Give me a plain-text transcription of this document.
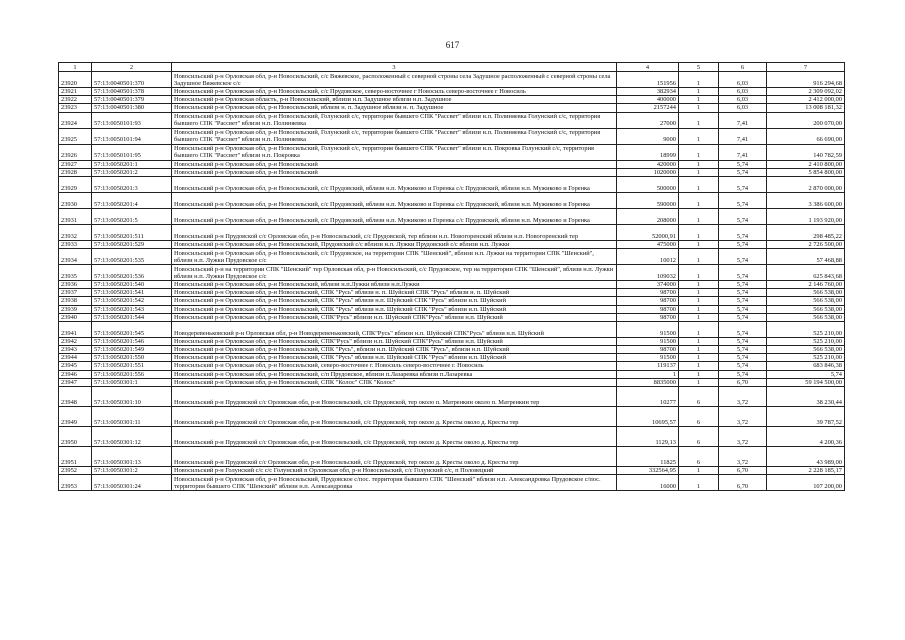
617
1	2	3	4	5	6	7
23920	57:13:0040501:370	Новосильский р-н Орловская обл, р-н Новосильский, с/с Вяжевское, расположенный с северной строны села Задушное расположенный с северной строны села Задушное Вяжевское с/с	151956	1	6,03	916 294,68
23921	57:13:0040501:378	Новосильский р-н Орловская обл, р-н Новосильский, с/с Прудовское, северо-восточнее г Новосиль северо-восточнее г Новосиль	382934	1	6,03	2 309 092,02
23922	57:13:0040501:379	Новосильский р-н Орловская область, р-н Новосильский, вблизи н.п. Задушное вблизи н.п. Задушное	400000	1	6,03	2 412 000,00
23923	57:13:0040501:380	Новосильский р-н Орловская обл, р-н Новосильский, вблизи н. п. Задушное вблизи н. п. Задушное	2157244	1	6,03	13 008 181,32
23924	57:13:0050101:93	Новосильский р-н Орловская обл, р-н Новосильский, Голунский с/с, территория бывшего СПК "Рассвет" вблизи н.п. Полиняевка Голунский с/с, территория бывшего СПК "Рассвет" вблизи н.п. Полиняевка	27000	1	7,41	200 070,00
23925	57:13:0050101:94	Новосильский р-н Орловская обл, р-н Новосильский, Голунский с/с, территория бывшего СПК "Рассвет" вблизи н.п. Полиняевка Голунский с/с, территория бывшего СПК "Рассвет" вблизи н.п. Полиняевка	9000	1	7,41	66 690,00
23926	57:13:0050101:95	Новосильский р-н Орловская обл, р-н Новосильский, Голунский с/с, территория бывшего СПК "Рассвет" вблизи н.п. Покровка Голунский с/с, территория бывшего СПК "Рассвет" вблизи н.п. Покровка	18999	1	7,41	140 782,59
23927	57:13:0050201:1	Новосильский р-н Орловская обл, р-н Новосильский	420000	1	5,74	2 410 800,00
23928	57:13:0050201:2	Новосильский р-н Орловская обл, р-н Новосильский	1020000	1	5,74	5 854 800,00
23929	57:13:0050201:3	Новосильский р-н Орловская обл, р-н Новосильский, с/с Прудовский, вблизи н.п. Мужиково и Горенка с/с Прудовский, вблизи н.п. Мужиково и Горенка	500000	1	5,74	2 870 000,00
23930	57:13:0050201:4	Новосильский р-н Орловская обл, р-н Новосильский, с/с Прудовский, вблизи н.п. Мужиково и Горенка с/с Прудовский, вблизи н.п. Мужиково и Горенка	590000	1	5,74	3 386 600,00
23931	57:13:0050201:5	Новосильский р-н Орловская обл, р-н Новосильский, с/с Прудовский, вблизи н.п. Мужиково и Горенка с/с Прудовский, вблизи н.п. Мужиково и Горенка	208000	1	5,74	1 193 920,00
23932	57:13:0050201:511	Новосильский р-н Прудовской с/с Орловская обл, р-н Новосильский, с/с Прудовской, тер вблизи н.п. Новогоренский вблизи н.п. Новогоренский тер	52000,91	1	5,74	298 485,22
23933	57:13:0050201:529	Новосильский р-н Орловская обл, р-н Новосильский, Прудовский с/с вблизи н.п. Лужки Прудовский с/с вблизи н.п. Лужки	475000	1	5,74	2 726 500,00
23934	57:13:0050201:535	Новосильский р-н Орловская обл, р-н Новосильский, с/с Прудовское, на территории СПК "Шенский", вблизи н.п. Лужки на территории СПК "Шенский", вблизи н.п. Лужки Прудовское с/с	10012	1	5,74	57 468,88
23935	57:13:0050201:536	Новосильский р-н на территории СПК "Шенский" тер Орловская обл, р-н Новосильский, с/с Прудовское, тер на территории СПК "Шенский", вблизи н.п. Лужки вблизи н.п. Лужки Прудовское с/с	109032	1	5,74	625 843,68
23936	57:13:0050201:540	Новосильский р-н Орловская обл, р-н Новосильский, вблизи н.п.Лужки вблизи н.п.Лужки	374000	1	5,74	2 146 760,00
23937	57:13:0050201:541	Новосильский р-н Орловская обл, р-н Новосильский, СПК "Русь" вблизи н. п. Шуйский СПК "Русь" вблизи н. п. Шуйский	98700	1	5,74	566 538,00
23938	57:13:0050201:542	Новосильский р-н Орловская обл, р-н Новосильский, СПК "Русь" вблизи н.п. Шуйский СПК "Русь" вблизи н.п. Шуйский	98700	1	5,74	566 538,00
23939	57:13:0050201:543	Новосильский р-н Орловская обл, р-н Новосильский, СПК "Русь" вблизи н.п. Шуйский СПК "Русь" вблизи н.п. Шуйский	98700	1	5,74	566 538,00
23940	57:13:0050201:544	Новосильский р-н Орловская обл, р-н Новосильский, СПК"Русь" вблизи н.п. Шуйский СПК"Русь" вблизи н.п. Шуйский	98700	1	5,74	566 538,00
23941	57:13:0050201:545	Новодеревеньковский р-н Орловская обл, р-н Новодеревеньковский, СПК"Русь" вблизи н.п. Шуйский СПК"Русь" вблизи н.п. Шуйский	91500	1	5,74	525 210,00
23942	57:13:0050201:546	Новосильский р-н Орловская обл, р-н Новосильский, СПК"Русь" вблизи н.п. Шуйский СПК"Русь" вблизи н.п. Шуйский	91500	1	5,74	525 210,00
23943	57:13:0050201:549	Новосильский р-н Орловская обл, р-н Новосильский, СПК "Русь", вблизи н.п. Шуйский СПК "Русь", вблизи н.п. Шуйский	98700	1	5,74	566 538,00
23944	57:13:0050201:550	Новосильский р-н Орловская обл, р-н Новосильский, СПК "Русь" вблизи н.п. Шуйский СПК "Русь" вблизи н.п. Шуйский	91500	1	5,74	525 210,00
23945	57:13:0050201:551	Новосильский р-н Орловская обл, р-н Новосильский, северо-восточнее г. Новосиль северо-восточнее г. Новосиль	119137	1	5,74	683 846,38
23946	57:13:0050201:556	Новосильский р-н Орловская обл, р-н Новосильский, с/п Прудовское, вблизи п.Лазаревка вблизи п.Лазаревка	1	1	5,74	5,74
23947	57:13:0050301:1	Новосильский р-н Орловская обл, р-н Новосильский, СПК "Колос" СПК "Колос"	8835000	1	6,70	59 194 500,00
23948	57:13:0050301:10	Новосильский р-н Прудовской с/с Орловская обл, р-н Новосильский, с/с Прудовской, тер около п. Матренкин около п. Матренкин тер	10277	6	3,72	38 230,44
23949	57:13:0050301:11	Новосильский р-н Прудовской с/с Орловская обл, р-н Новосильский, с/с Прудовской, тер около д. Кресты около д. Кресты тер	10695,57	6	3,72	39 787,52
23950	57:13:0050301:12	Новосильский р-н Прудовской с/с Орловская обл, р-н Новосильский, с/с Прудовской, тер около д. Кресты около д. Кресты тер	1129,13	6	3,72	4 200,36
23951	57:13:0050301:13	Новосильский р-н Прудовской с/с Орловская обл, р-н Новосильский, с/с Прудовской, тер около д. Кресты около д. Кресты тер	11825	6	3,72	43 989,00
23952	57:13:0050301:2	Новосильский р-н Голунский с/с с/с Голунский п Орловская обл, р-н Новосильский, с/с Голунский с/с, п Половецкий	332564,95	1	6,70	2 228 185,17
23953	57:13:0050301:24	Новосильский р-н Орловская обл, р-н Новосильский, Прудовское с/пос. территория бывшего СПК "Шенский" вблизи н.п. Александровка Прудовское с/пос. территория бывшего СПК "Шенский" вблизи н.п. Александровка	16000	1	6,70	107 200,00
